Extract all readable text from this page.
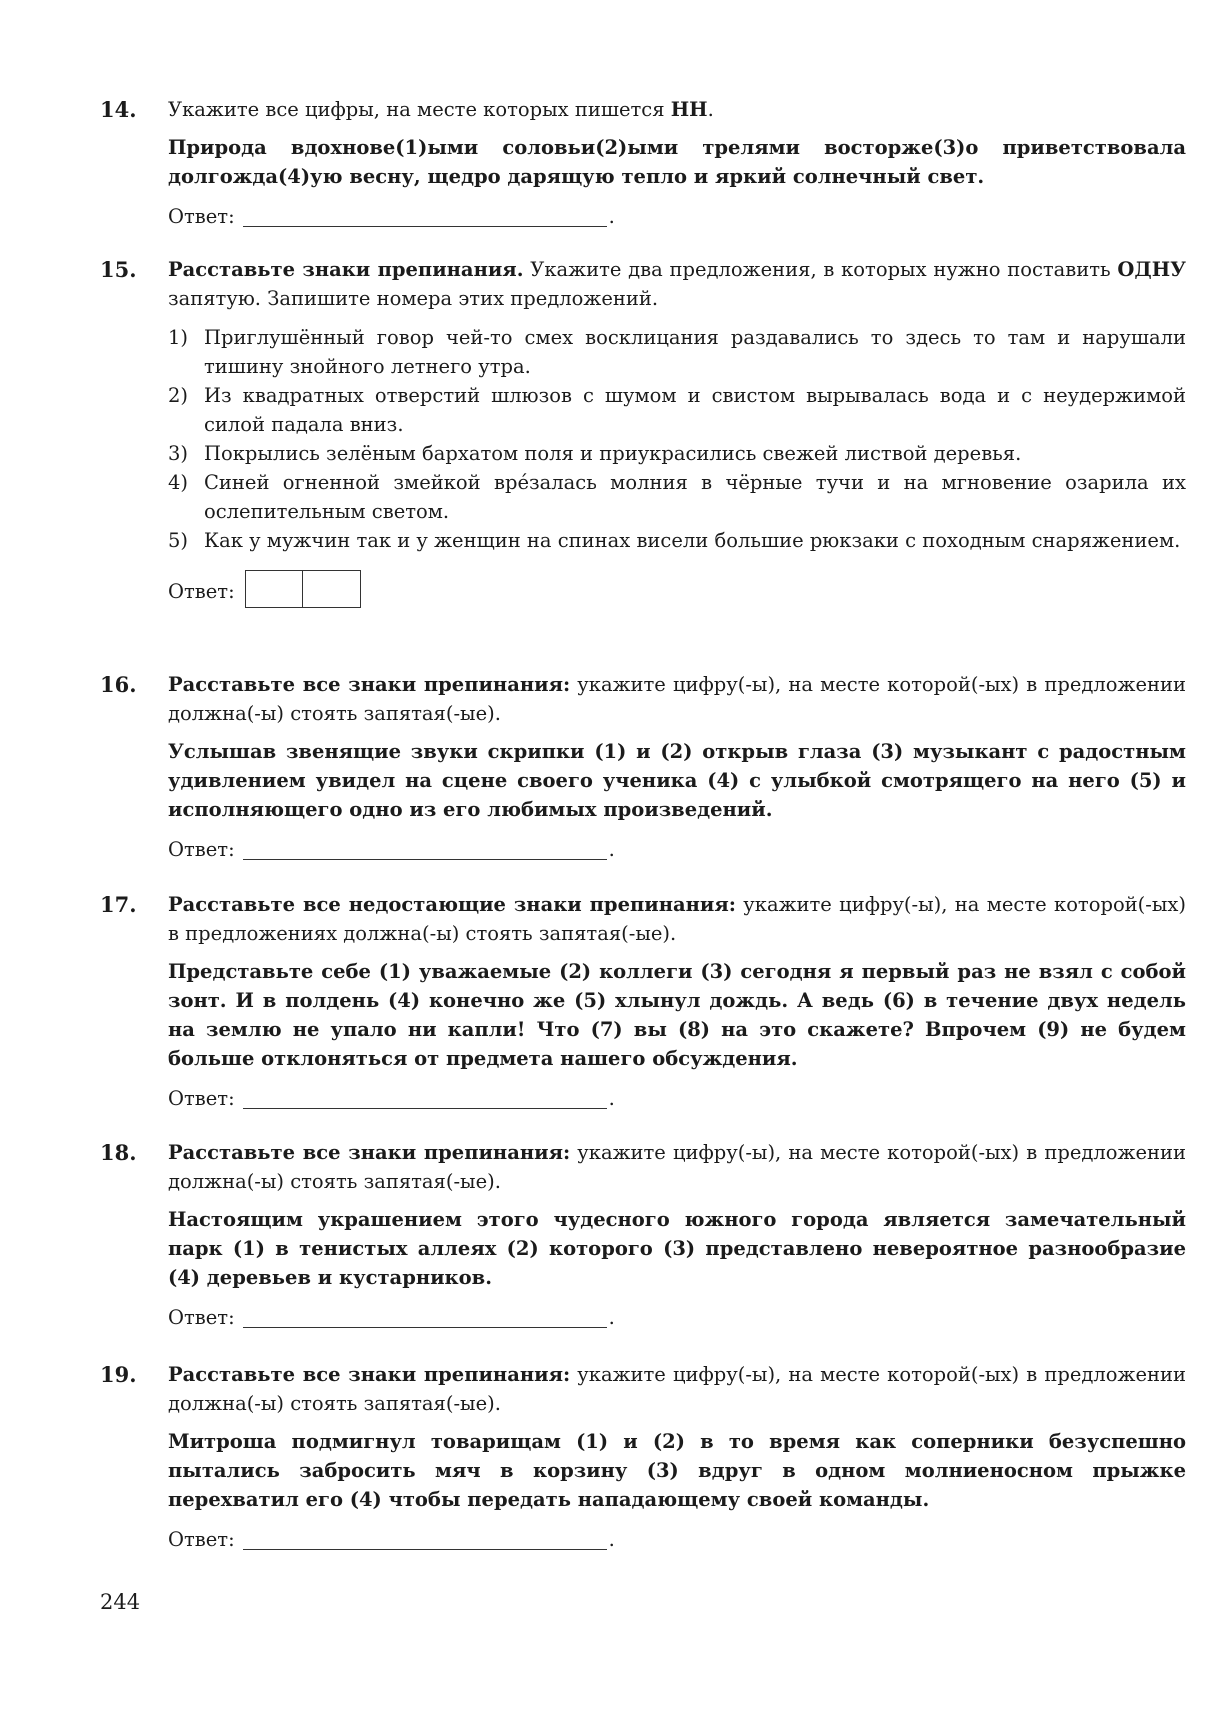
14. Укажите все цифры, на месте которых пишется НН.

Природа вдохнове(1)ыми соловьи(2)ыми трелями восторже(3)о приветствовала долгожда(4)ую весну, щедро дарящую тепло и яркий солнечный свет.

Ответ:	.

15. Расставьте знаки препинания. Укажите два предложения, в которых нужно поставить ОДНУ запятую. Запишите номера этих предложений.

1) Приглушённый говор чей-то смех восклицания раздавались то здесь то там и нарушали тишину знойного летнего утра.
2) Из квадратных отверстий шлюзов с шумом и свистом вырывалась вода и с неудержимой силой падала вниз.
3) Покрылись зелёным бархатом поля и приукрасились свежей листвой деревья.
4) Синей огненной змейкой врéзалась молния в чёрные тучи и на мгновение озарила их ослепительным светом.
5) Как у мужчин так и у женщин на спинах висели большие рюкзаки с походным снаряжением.

Ответ:

16. Расставьте все знаки препинания: укажите цифру(-ы), на месте которой(-ых) в предложении должна(-ы) стоять запятая(-ые).

Услышав звенящие звуки скрипки (1) и (2) открыв глаза (3) музыкант с радостным удивлением увидел на сцене своего ученика (4) с улыбкой смотрящего на него (5) и исполняющего одно из его любимых произведений.

Ответ:	.

17. Расставьте все недостающие знаки препинания: укажите цифру(-ы), на месте которой(-ых) в предложениях должна(-ы) стоять запятая(-ые).

Представьте себе (1) уважаемые (2) коллеги (3) сегодня я первый раз не взял с собой зонт. И в полдень (4) конечно же (5) хлынул дождь. А ведь (6) в течение двух недель на землю не упало ни капли! Что (7) вы (8) на это скажете? Впрочем (9) не будем больше отклоняться от предмета нашего обсуждения.

Ответ:	.

18. Расставьте все знаки препинания: укажите цифру(-ы), на месте которой(-ых) в предложении должна(-ы) стоять запятая(-ые).

Настоящим украшением этого чудесного южного города является замечательный парк (1) в тенистых аллеях (2) которого (3) представлено невероятное разнообразие (4) деревьев и кустарников.

Ответ:	.

19. Расставьте все знаки препинания: укажите цифру(-ы), на месте которой(-ых) в предложении должна(-ы) стоять запятая(-ые).

Митроша подмигнул товарищам (1) и (2) в то время как соперники безуспешно пытались забросить мяч в корзину (3) вдруг в одном молниеносном прыжке перехватил его (4) чтобы передать нападающему своей команды.

Ответ:	.

244
